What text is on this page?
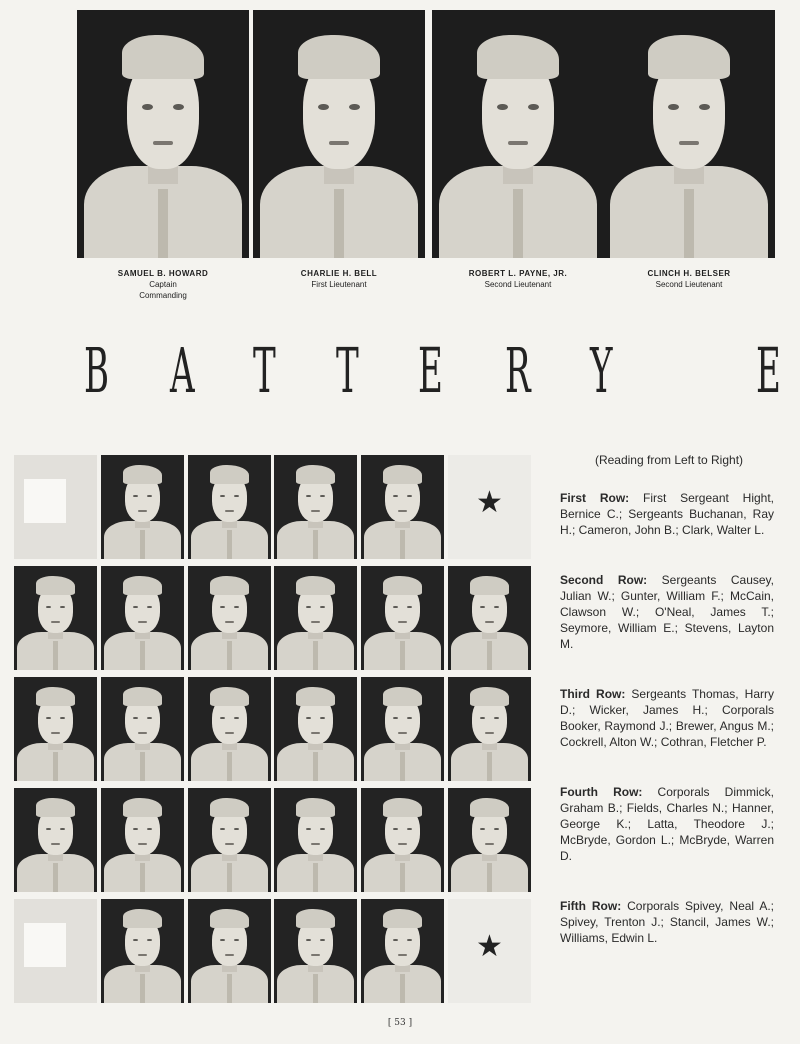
SAMUEL B. HOWARD
Captain
Commanding
CHARLIE H. BELL
First Lieutenant
ROBERT L. PAYNE, JR.
Second Lieutenant
CLINCH H. BELSER
Second Lieutenant
B A T T E R Y E
★
★
(Reading from Left to Right)
First Row: First Sergeant Hight, Bernice C.; Sergeants Buchanan, Ray H.; Cameron, John B.; Clark, Walter L.
Second Row: Sergeants Causey, Julian W.; Gunter, William F.; McCain, Clawson W.; O'Neal, James T.; Seymore, William E.; Stevens, Layton M.
Third Row: Sergeants Thomas, Harry D.; Wicker, James H.; Corporals Booker, Raymond J.; Brewer, Angus M.; Cockrell, Alton W.; Cothran, Fletcher P.
Fourth Row: Corporals Dimmick, Graham B.; Fields, Charles N.; Hanner, George K.; Latta, Theodore J.; McBryde, Gordon L.; McBryde, Warren D.
Fifth Row: Corporals Spivey, Neal A.; Spivey, Trenton J.; Stancil, James W.; Williams, Edwin L.
[ 53 ]
